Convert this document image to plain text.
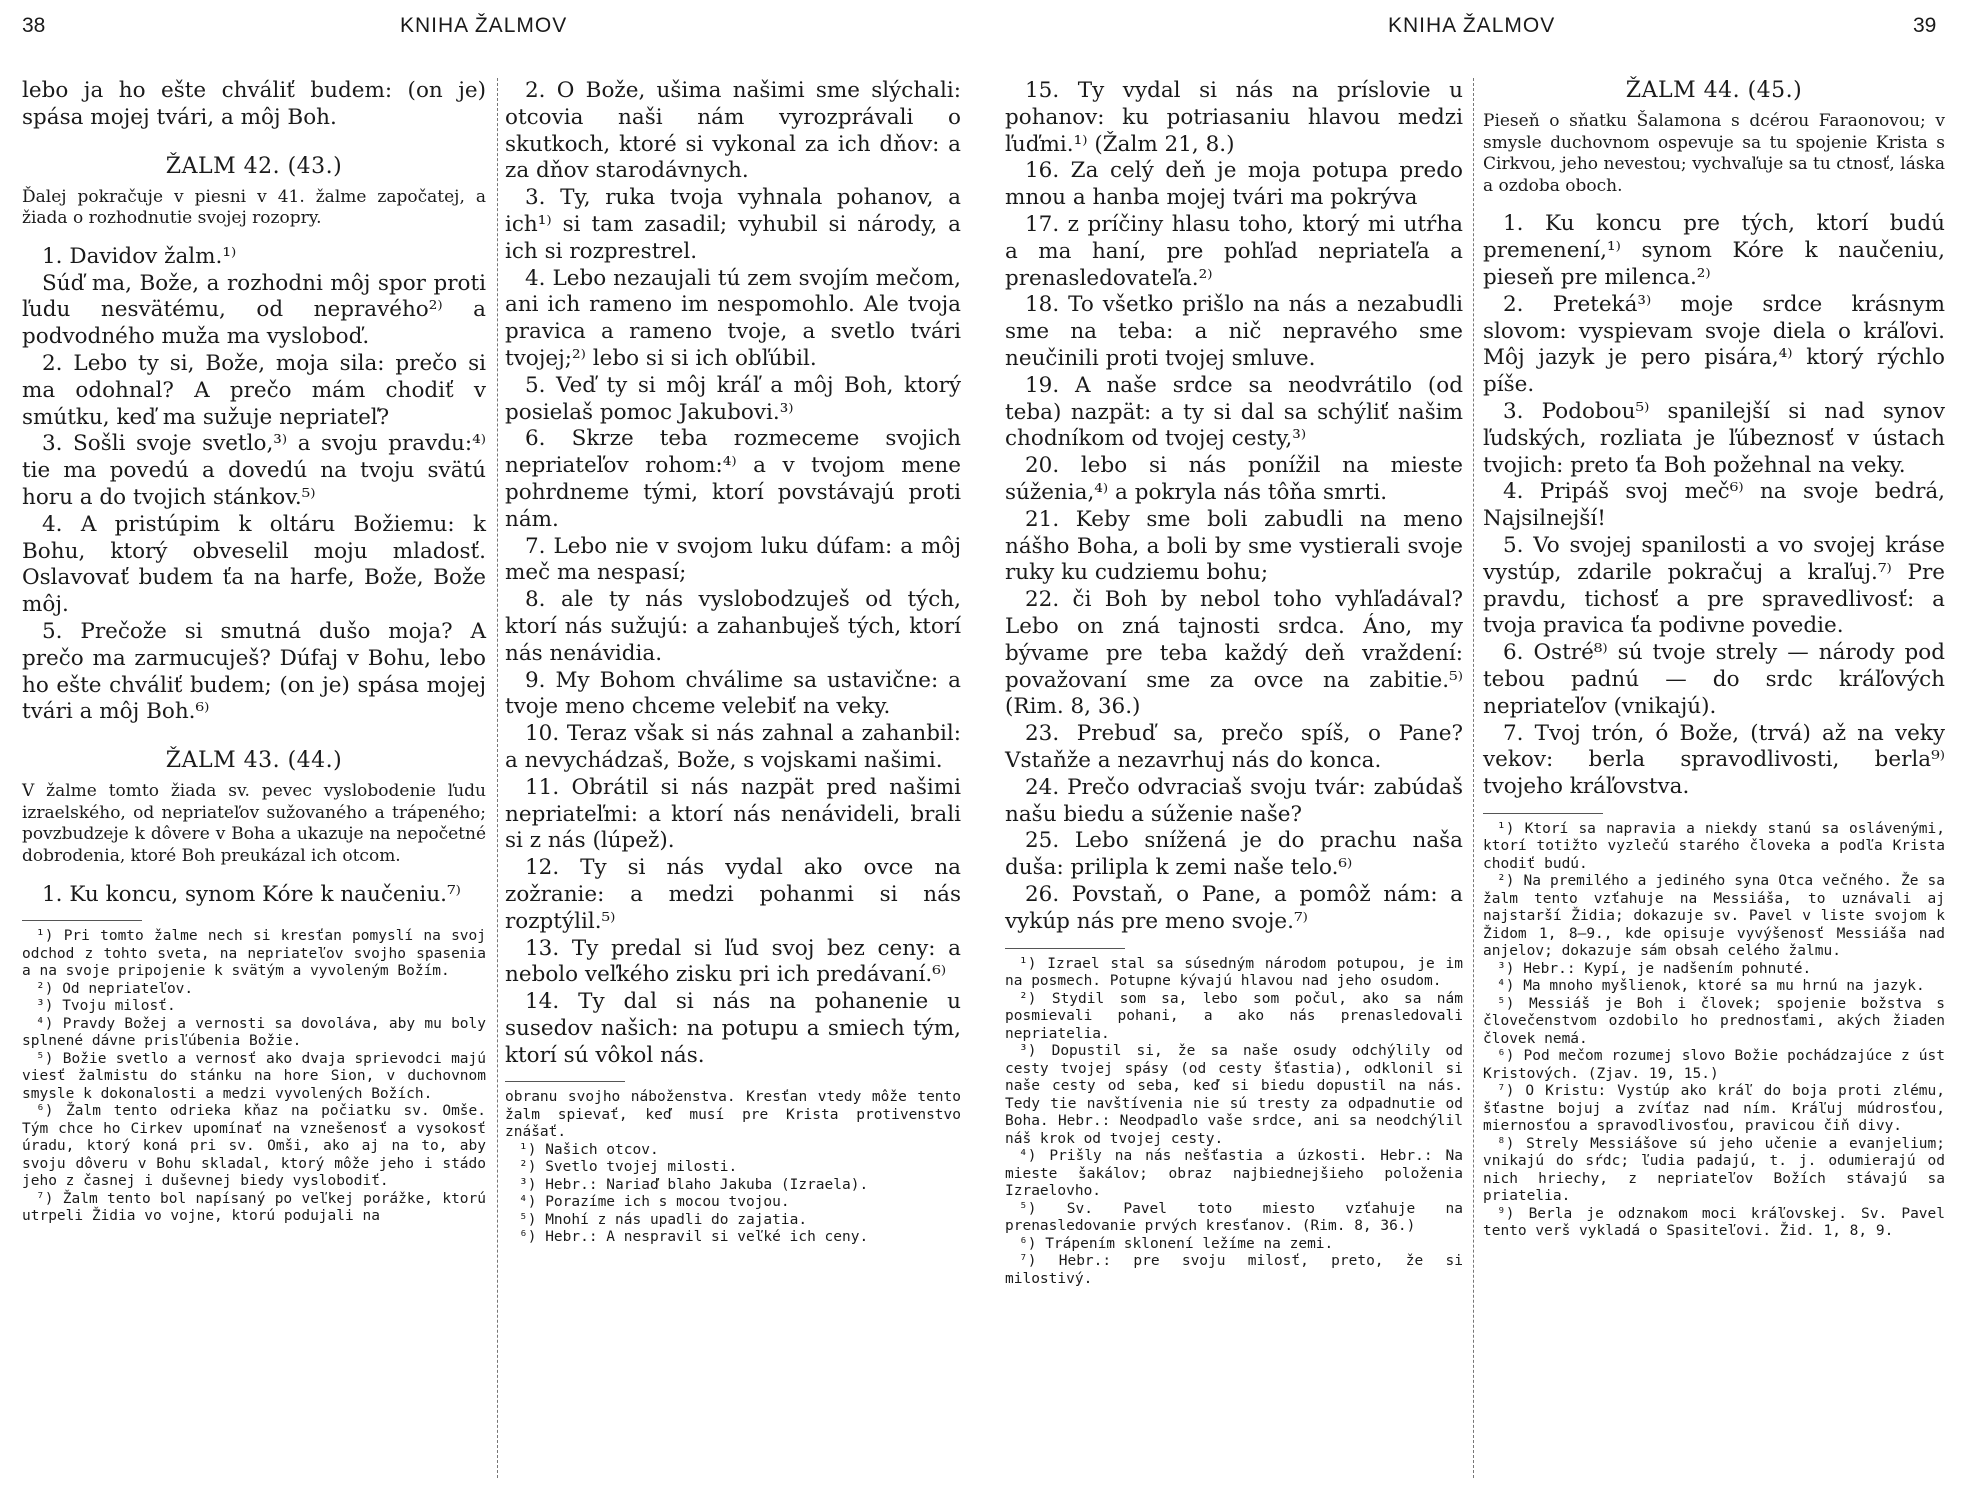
38	KNIHA ŽALMOV

lebo ja ho ešte chváliť budem: (on je) spása mojej tvári, a môj Boh.

ŽALM 42. (43.)

Ďalej pokračuje v piesni v 41. žalme započatej, a žiada o rozhodnutie svojej rozopry.

1. Davidov žalm.¹⁾

Súď ma, Bože, a rozhodni môj spor proti ľudu nesvätému, od nepravého²⁾ a podvodného muža ma vysloboď.

2. Lebo ty si, Bože, moja sila: prečo si ma odohnal? A prečo mám chodiť v smútku, keď ma sužuje nepriateľ?

3. Sošli svoje svetlo,³⁾ a svoju pravdu:⁴⁾ tie ma povedú a dovedú na tvoju svätú horu a do tvojich stánkov.⁵⁾

4. A pristúpim k oltáru Božiemu: k Bohu, ktorý obveselil moju mladosť. Oslavovať budem ťa na harfe, Bože, Bože môj.

5. Prečože si smutná dušo moja? A prečo ma zarmucuješ? Dúfaj v Bohu, lebo ho ešte chváliť budem; (on je) spása mojej tvári a môj Boh.⁶⁾

ŽALM 43. (44.)

V žalme tomto žiada sv. pevec vyslobodenie ľudu izraelského, od nepriateľov sužovaného a trápeného; povzbudzeje k dôvere v Boha a ukazuje na nepočetné dobrodenia, ktoré Boh preukázal ich otcom.

1. Ku koncu, synom Kóre k naučeniu.⁷⁾

¹) Pri tomto žalme nech si kresťan pomyslí na svoj odchod z tohto sveta, na nepriateľov svojho spasenia a na svoje pripojenie k svätým a vyvoleným Božím.

²) Od nepriateľov.

³) Tvoju milosť.

⁴) Pravdy Božej a vernosti sa dovoláva, aby mu boly splnené dávne prisľúbenia Božie.

⁵) Božie svetlo a vernosť ako dvaja sprievodci majú viesť žalmistu do stánku na hore Sion, v duchovnom smysle k dokonalosti a medzi vyvolených Božích.

⁶) Žalm tento odrieka kňaz na počiatku sv. Omše. Tým chce ho Cirkev upomínať na vznešenosť a vysokosť úradu, ktorý koná pri sv. Omši, ako aj na to, aby svoju dôveru v Bohu skladal, ktorý môže jeho i stádo jeho z časnej i duševnej biedy vyslobodiť.

⁷) Žalm tento bol napísaný po veľkej porážke, ktorú utrpeli Židia vo vojne, ktorú podujali na

2. O Bože, ušima našimi sme slýchali: otcovia naši nám vyrozprávali o skutkoch, ktoré si vykonal za ich dňov: a za dňov starodávnych.

3. Ty, ruka tvoja vyhnala pohanov, a ich¹⁾ si tam zasadil; vyhubil si národy, a ich si rozprestrel.

4. Lebo nezaujali tú zem svojím mečom, ani ich rameno im nespomohlo. Ale tvoja pravica a rameno tvoje, a svetlo tvári tvojej;²⁾ lebo si si ich obľúbil.

5. Veď ty si môj kráľ a môj Boh, ktorý posielaš pomoc Jakubovi.³⁾

6. Skrze teba rozmeceme svojich nepriateľov rohom:⁴⁾ a v tvojom mene pohrdneme tými, ktorí povstávajú proti nám.

7. Lebo nie v svojom luku dúfam: a môj meč ma nespasí;

8. ale ty nás vyslobodzuješ od tých, ktorí nás sužujú: a zahanbuješ tých, ktorí nás nenávidia.

9. My Bohom chválime sa ustavične: a tvoje meno chceme velebiť na veky.

10. Teraz však si nás zahnal a zahanbil: a nevychádzaš, Bože, s vojskami našimi.

11. Obrátil si nás nazpät pred našimi nepriateľmi: a ktorí nás nenávideli, brali si z nás (lúpež).

12. Ty si nás vydal ako ovce na zožranie: a medzi pohanmi si nás rozptýlil.⁵⁾

13. Ty predal si ľud svoj bez ceny: a nebolo veľkého zisku pri ich predávaní.⁶⁾

14. Ty dal si nás na pohanenie u susedov našich: na potupu a smiech tým, ktorí sú vôkol nás.

obranu svojho náboženstva. Kresťan vtedy môže tento žalm spievať, keď musí pre Krista protivenstvo znášať.

¹) Našich otcov.

²) Svetlo tvojej milosti.

³) Hebr.: Nariaď blaho Jakuba (Izraela).

⁴) Porazíme ich s mocou tvojou.

⁵) Mnohí z nás upadli do zajatia.

⁶) Hebr.: A nespravil si veľké ich ceny.

KNIHA ŽALMOV	39

15. Ty vydal si nás na príslovie u pohanov: ku potriasaniu hlavou medzi ľuďmi.¹⁾ (Žalm 21, 8.)

16. Za celý deň je moja potupa predo mnou a hanba mojej tvári ma pokrýva

17. z príčiny hlasu toho, ktorý mi utŕha a ma haní, pre pohľad nepriateľa a prenasledovateľa.²⁾

18. To všetko prišlo na nás a nezabudli sme na teba: a nič nepravého sme neučinili proti tvojej smluve.

19. A naše srdce sa neodvrátilo (od teba) nazpät: a ty si dal sa schýliť našim chodníkom od tvojej cesty,³⁾

20. lebo si nás ponížil na mieste súženia,⁴⁾ a pokryla nás tôňa smrti.

21. Keby sme boli zabudli na meno nášho Boha, a boli by sme vystierali svoje ruky ku cudziemu bohu;

22. či Boh by nebol toho vyhľadával? Lebo on zná tajnosti srdca. Áno, my bývame pre teba každý deň vraždení: považovaní sme za ovce na zabitie.⁵⁾ (Rim. 8, 36.)

23. Prebuď sa, prečo spíš, o Pane? Vstaňže a nezavrhuj nás do konca.

24. Prečo odvraciaš svoju tvár: zabúdaš našu biedu a súženie naše?

25. Lebo snížená je do prachu naša duša: prilipla k zemi naše telo.⁶⁾

26. Povstaň, o Pane, a pomôž nám: a vykúp nás pre meno svoje.⁷⁾

¹) Izrael stal sa súsedným národom potupou, je im na posmech. Potupne kývajú hlavou nad jeho osudom.

²) Stydil som sa, lebo som počul, ako sa nám posmievali pohani, a ako nás prenasledovali nepriatelia.

³) Dopustil si, že sa naše osudy odchýlily od cesty tvojej spásy (od cesty šťastia), odklonil si naše cesty od seba, keď si biedu dopustil na nás. Tedy tie navštívenia nie sú tresty za odpadnutie od Boha. Hebr.: Neodpadlo vaše srdce, ani sa neodchýlil náš krok od tvojej cesty.

⁴) Prišly na nás nešťastia a úzkosti. Hebr.: Na mieste šakálov; obraz najbiednejšieho položenia Izraelovho.

⁵) Sv. Pavel toto miesto vzťahuje na prenasledovanie prvých kresťanov. (Rim. 8, 36.)

⁶) Trápením sklonení ležíme na zemi.

⁷) Hebr.: pre svoju milosť, preto, že si milostivý.

ŽALM 44. (45.)

Pieseň o sňatku Šalamona s dcérou Faraonovou; v smysle duchovnom ospevuje sa tu spojenie Krista s Cirkvou, jeho nevestou; vychvaľuje sa tu ctnosť, láska a ozdoba oboch.

1. Ku koncu pre tých, ktorí budú premenení,¹⁾ synom Kóre k naučeniu, pieseň pre milenca.²⁾

2. Preteká³⁾ moje srdce krásnym slovom: vyspievam svoje diela o kráľovi. Môj jazyk je pero pisára,⁴⁾ ktorý rýchlo píše.

3. Podobou⁵⁾ spanilejší si nad synov ľudských, rozliata je ľúbeznosť v ústach tvojich: preto ťa Boh požehnal na veky.

4. Pripáš svoj meč⁶⁾ na svoje bedrá, Najsilnejší!

5. Vo svojej spanilosti a vo svojej kráse vystúp, zdarile pokračuj a kraľuj.⁷⁾ Pre pravdu, tichosť a pre spravedlivosť: a tvoja pravica ťa podivne povedie.

6. Ostré⁸⁾ sú tvoje strely — národy pod tebou padnú — do srdc kráľových nepriateľov (vnikajú).

7. Tvoj trón, ó Bože, (trvá) až na veky vekov: berla spravodlivosti, berla⁹⁾ tvojeho kráľovstva.

¹) Ktorí sa napravia a niekdy stanú sa oslávenými, ktorí totižto vyzlečú starého človeka a podľa Krista chodiť budú.

²) Na premilého a jediného syna Otca večného. Že sa žalm tento vzťahuje na Messiáša, to uznávali aj najstarší Židia; dokazuje sv. Pavel v liste svojom k Židom 1, 8—9., kde opisuje vyvýšenosť Messiáša nad anjelov; dokazuje sám obsah celého žalmu.

³) Hebr.: Kypí, je nadšením pohnuté.

⁴) Ma mnoho myšlienok, ktoré sa mu hrnú na jazyk.

⁵) Messiáš je Boh i človek; spojenie božstva s človečenstvom ozdobilo ho prednosťami, akých žiaden človek nemá.

⁶) Pod mečom rozumej slovo Božie pochádzajúce z úst Kristových. (Zjav. 19, 15.)

⁷) O Kristu: Vystúp ako kráľ do boja proti zlému, šťastne bojuj a zvíťaz nad ním. Kráľuj múdrosťou, miernosťou a spravodlivosťou, pravicou čiň divy.

⁸) Strely Messiášove sú jeho učenie a evanjelium; vnikajú do sŕdc; ľudia padajú, t. j. odumierajú od nich hriechy, z nepriateľov Božích stávajú sa priatelia.

⁹) Berla je odznakom moci kráľovskej. Sv. Pavel tento verš vykladá o Spasiteľovi. Žid. 1, 8, 9.
